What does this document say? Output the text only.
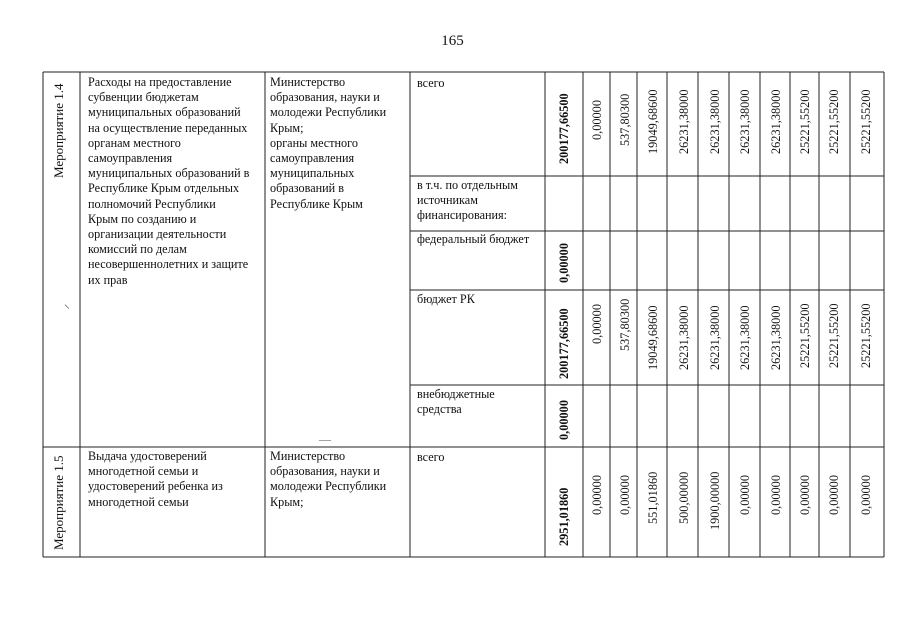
165
Мероприятие 1.4
Расходы на предоставление
субвенции бюджетам
муниципальных образований
на осуществление переданных
органам местного
самоуправления
муниципальных образований в
Республике Крым отдельных
полномочий Республики
Крым по созданию и
организации деятельности
комиссий по делам
несовершеннолетних и защите
их прав
Министерство
образования, науки и
молодежи Республики
Крым;
органы местного
самоуправления
муниципальных
образований в
Республике Крым
всего
в т.ч. по отдельным
источникам
финансирования:
федеральный бюджет
бюджет РК
внебюджетные
средства
200177,66500
0,00000
200177,66500
0,00000
0,00000 537,80300 19049,68600 26231,38000 26231,38000 26231,38000 26231,38000 25221,55200 25221,55200 25221,55200
0,00000 537,80300 19049,68600 26231,38000 26231,38000 26231,38000 26231,38000 25221,55200 25221,55200 25221,55200
Мероприятие 1.5 Выдача удостоверений
многодетной семьи и
удостоверений ребенка из
многодетной семьи
Министерство
образования, науки и
молодежи Республики
Крым;
всего
2951,01860 0,00000 0,00000 551,01860 500,00000 1900,00000 0,00000 0,00000 0,00000 0,00000 0,00000
⸌
—
